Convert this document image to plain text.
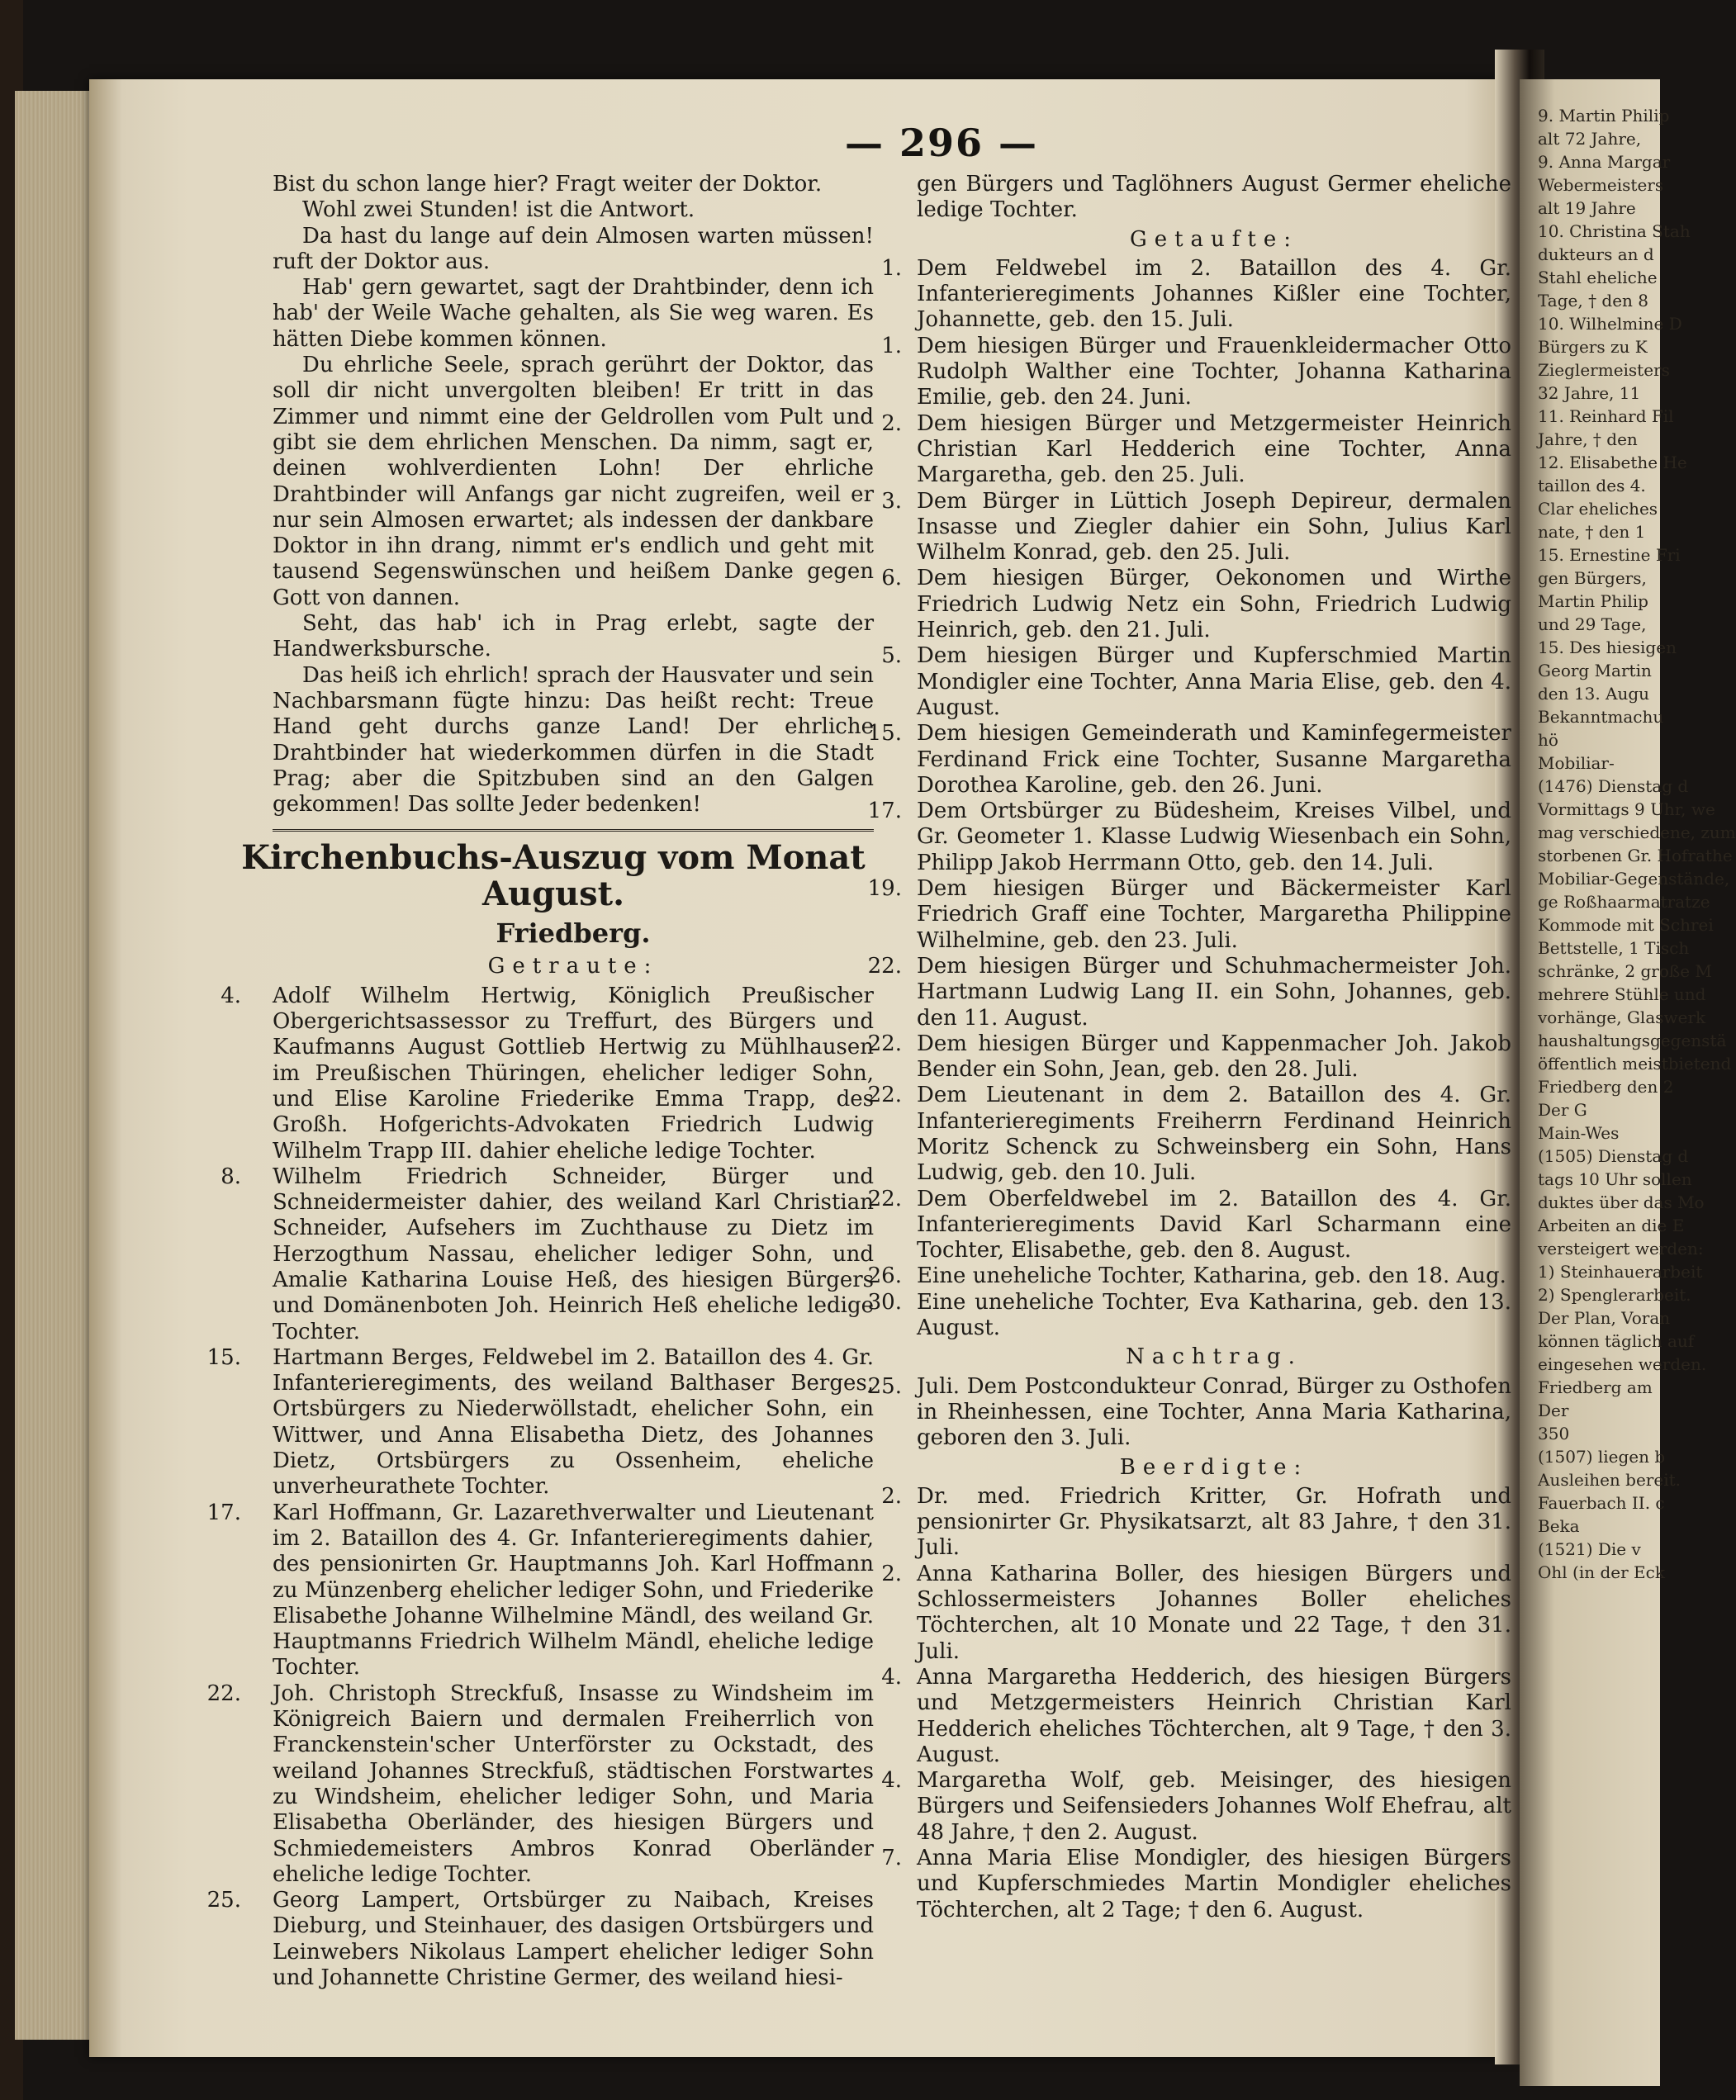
9. Martin Philip
alt 72 Jahre,
9. Anna Margar
Webermeisters
alt 19 Jahre
10. Christina Stah
dukteurs an d
Stahl eheliche
Tage, † den 8
10. Wilhelmine D
Bürgers zu K
Zieglermeisters
32 Jahre, 11
11. Reinhard Fil
Jahre, † den
12. Elisabethe He
taillon des 4.
Clar eheliches
nate, † den 1
15. Ernestine Fri
gen Bürgers,
Martin Philip
und 29 Tage,
15. Des hiesigen
Georg Martin
den 13. Augu
Bekanntmachu
hö
Mobiliar-
(1476) Dienstag d
Vormittags 9 Uhr, we
mag verschiedene, zum
storbenen Gr. Hofrathe
Mobiliar-Gegenstände,
ge Roßhaarmatratze
Kommode mit Schrei
Bettstelle, 1 Tisch
schränke, 2 große M
mehrere Stühle und
vorhänge, Glaswerk
haushaltungsgegenstä
öffentlich meistbietend
Friedberg den 2
Der G
Main-Wes
(1505) Dienstag d
tags 10 Uhr sollen
duktes über das Mo
Arbeiten an die E
versteigert werden:
1) Steinhauerarbeit
2) Spenglerarbeit.
Der Plan, Voran
können täglich auf
eingesehen werden.
Friedberg am
Der
350
(1507) liegen b
Ausleihen bereit.
Fauerbach II. c
Beka
(1521) Die v
Ohl (in der Eck
— 296 —

Bist du schon lange hier? Fragt weiter der Doktor.

Wohl zwei Stunden! ist die Antwort.

Da hast du lange auf dein Almosen warten müssen! ruft der Doktor aus.

Hab' gern gewartet, sagt der Drahtbinder, denn ich hab' der Weile Wache gehalten, als Sie weg waren. Es hätten Diebe kommen können.

Du ehrliche Seele, sprach gerührt der Doktor, das soll dir nicht unvergolten bleiben! Er tritt in das Zimmer und nimmt eine der Geldrollen vom Pult und gibt sie dem ehrlichen Menschen. Da nimm, sagt er, deinen wohlverdienten Lohn! Der ehrliche Drahtbinder will Anfangs gar nicht zugreifen, weil er nur sein Almosen erwartet; als indessen der dankbare Doktor in ihn drang, nimmt er's endlich und geht mit tausend Segenswünschen und heißem Danke gegen Gott von dannen.

Seht, das hab' ich in Prag erlebt, sagte der Handwerksbursche.

Das heiß ich ehrlich! sprach der Hausvater und sein Nachbarsmann fügte hinzu: Das heißt recht: Treue Hand geht durchs ganze Land! Der ehrliche Drahtbinder hat wiederkommen dürfen in die Stadt Prag; aber die Spitzbuben sind an den Galgen gekommen! Das sollte Jeder bedenken!

Kirchenbuchs-Auszug vom Monat August.
Friedberg.
Getraute:
4. Adolf Wilhelm Hertwig, Königlich Preußischer Obergerichtsassessor zu Treffurt, des Bürgers und Kaufmanns August Gottlieb Hertwig zu Mühlhausen im Preußischen Thüringen, ehelicher lediger Sohn, und Elise Karoline Friederike Emma Trapp, des Großh. Hofgerichts-Advokaten Friedrich Ludwig Wilhelm Trapp III. dahier eheliche ledige Tochter.
8. Wilhelm Friedrich Schneider, Bürger und Schneidermeister dahier, des weiland Karl Christian Schneider, Aufsehers im Zuchthause zu Dietz im Herzogthum Nassau, ehelicher lediger Sohn, und Amalie Katharina Louise Heß, des hiesigen Bürgers und Domänenboten Joh. Heinrich Heß eheliche ledige Tochter.
15. Hartmann Berges, Feldwebel im 2. Bataillon des 4. Gr. Infanterieregiments, des weiland Balthaser Berges, Ortsbürgers zu Niederwöllstadt, ehelicher Sohn, ein Wittwer, und Anna Elisabetha Dietz, des Johannes Dietz, Ortsbürgers zu Ossenheim, eheliche unverheurathete Tochter.
17. Karl Hoffmann, Gr. Lazarethverwalter und Lieutenant im 2. Bataillon des 4. Gr. Infanterieregiments dahier, des pensionirten Gr. Hauptmanns Joh. Karl Hoffmann zu Münzenberg ehelicher lediger Sohn, und Friederike Elisabethe Johanne Wilhelmine Mändl, des weiland Gr. Hauptmanns Friedrich Wilhelm Mändl, eheliche ledige Tochter.
22. Joh. Christoph Streckfuß, Insasse zu Windsheim im Königreich Baiern und dermalen Freiherrlich von Franckenstein'scher Unterförster zu Ockstadt, des weiland Johannes Streckfuß, städtischen Forstwartes zu Windsheim, ehelicher lediger Sohn, und Maria Elisabetha Oberländer, des hiesigen Bürgers und Schmiedemeisters Ambros Konrad Oberländer eheliche ledige Tochter.
25. Georg Lampert, Ortsbürger zu Naibach, Kreises Dieburg, und Steinhauer, des dasigen Ortsbürgers und Leinwebers Nikolaus Lampert ehelicher lediger Sohn und Johannette Christine Germer, des weiland hiesi-

gen Bürgers und Taglöhners August Germer eheliche ledige Tochter.

Getaufte:
1. Dem Feldwebel im 2. Bataillon des 4. Gr. Infanterieregiments Johannes Kißler eine Tochter, Johannette, geb. den 15. Juli.
1. Dem hiesigen Bürger und Frauenkleidermacher Otto Rudolph Walther eine Tochter, Johanna Katharina Emilie, geb. den 24. Juni.
2. Dem hiesigen Bürger und Metzgermeister Heinrich Christian Karl Hedderich eine Tochter, Anna Margaretha, geb. den 25. Juli.
3. Dem Bürger in Lüttich Joseph Depireur, dermalen Insasse und Ziegler dahier ein Sohn, Julius Karl Wilhelm Konrad, geb. den 25. Juli.
6. Dem hiesigen Bürger, Oekonomen und Wirthe Friedrich Ludwig Netz ein Sohn, Friedrich Ludwig Heinrich, geb. den 21. Juli.
5. Dem hiesigen Bürger und Kupferschmied Martin Mondigler eine Tochter, Anna Maria Elise, geb. den 4. August.
15. Dem hiesigen Gemeinderath und Kaminfegermeister Ferdinand Frick eine Tochter, Susanne Margaretha Dorothea Karoline, geb. den 26. Juni.
17. Dem Ortsbürger zu Büdesheim, Kreises Vilbel, und Gr. Geometer 1. Klasse Ludwig Wiesenbach ein Sohn, Philipp Jakob Herrmann Otto, geb. den 14. Juli.
19. Dem hiesigen Bürger und Bäckermeister Karl Friedrich Graff eine Tochter, Margaretha Philippine Wilhelmine, geb. den 23. Juli.
22. Dem hiesigen Bürger und Schuhmachermeister Joh. Hartmann Ludwig Lang II. ein Sohn, Johannes, geb. den 11. August.
22. Dem hiesigen Bürger und Kappenmacher Joh. Jakob Bender ein Sohn, Jean, geb. den 28. Juli.
22. Dem Lieutenant in dem 2. Bataillon des 4. Gr. Infanterieregiments Freiherrn Ferdinand Heinrich Moritz Schenck zu Schweinsberg ein Sohn, Hans Ludwig, geb. den 10. Juli.
22. Dem Oberfeldwebel im 2. Bataillon des 4. Gr. Infanterieregiments David Karl Scharmann eine Tochter, Elisabethe, geb. den 8. August.
26. Eine uneheliche Tochter, Katharina, geb. den 18. Aug.
30. Eine uneheliche Tochter, Eva Katharina, geb. den 13. August.
Nachtrag.
25. Juli. Dem Postcondukteur Conrad, Bürger zu Osthofen in Rheinhessen, eine Tochter, Anna Maria Katharina, geboren den 3. Juli.
Beerdigte:
2. Dr. med. Friedrich Kritter, Gr. Hofrath und pensionirter Gr. Physikatsarzt, alt 83 Jahre, † den 31. Juli.
2. Anna Katharina Boller, des hiesigen Bürgers und Schlossermeisters Johannes Boller eheliches Töchterchen, alt 10 Monate und 22 Tage, † den 31. Juli.
4. Anna Margaretha Hedderich, des hiesigen Bürgers und Metzgermeisters Heinrich Christian Karl Hedderich eheliches Töchterchen, alt 9 Tage, † den 3. August.
4. Margaretha Wolf, geb. Meisinger, des hiesigen Bürgers und Seifensieders Johannes Wolf Ehefrau, alt 48 Jahre, † den 2. August.
7. Anna Maria Elise Mondigler, des hiesigen Bürgers und Kupferschmiedes Martin Mondigler eheliches Töchterchen, alt 2 Tage; † den 6. August.
